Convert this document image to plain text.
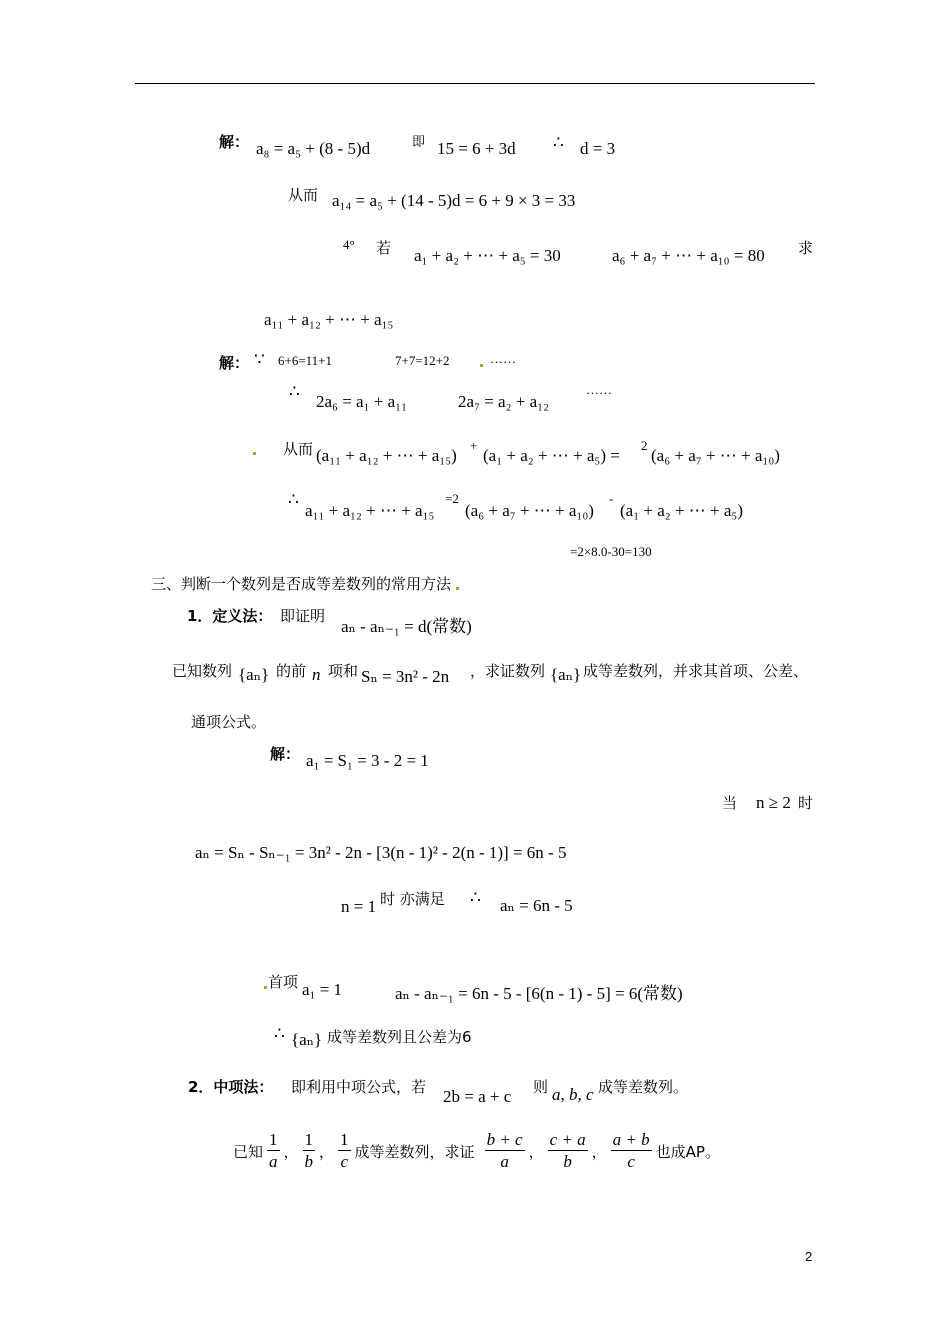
解： a₈ = a₅ + (8 - 5)d	即 15 = 6 + 3d ∴ d = 3
从而 a₁₄ = a₅ + (14 - 5)d = 6 + 9 × 3 = 33
4° 若 a₁ + a₂ + ⋯ + a₅ = 30	a₆ + a₇ + ⋯ + a₁₀ = 80 求
a₁₁ + a₁₂ + ⋯ + a₁₅
解： ∵ 6+6=11+1	7+7=12+2	……
∴
2a₆ = a₁ + a₁₁	2a₇ = a₂ + a₁₂
……
从而 (a₁₁ + a₁₂ + ⋯ + a₁₅)
+
(a₁ + a₂ + ⋯ + a₅) =
2
(a₆ + a₇ + ⋯ + a₁₀)
∴
a₁₁ + a₁₂ + ⋯ + a₁₅
=2
(a₆ + a₇ + ⋯ + a₁₀)
-
(a₁ + a₂ + ⋯ + a₅)
=2×8.0-30=130
三、判断一个数列是否成等差数列的常用方法
1．定义法： 即证明
aₙ - aₙ₋₁ = d(常数)
已知数列 {aₙ} 的前 n 项和 Sₙ = 3n² - 2n ，求证数列 {aₙ} 成等差数列，并求其首项、公差、
通项公式。
解： a₁ = S₁ = 3 - 2 = 1
当 n ≥ 2 时
aₙ = Sₙ - Sₙ₋₁ = 3n² - 2n - [3(n - 1)² - 2(n - 1)] = 6n - 5
n = 1 时 亦满足 ∴ aₙ = 6n - 5
首项 a₁ = 1	aₙ - aₙ₋₁ = 6n - 5 - [6(n - 1) - 5] = 6(常数)
∴ {aₙ} 成等差数列且公差为6
2．中项法： 即利用中项公式，若 2b = a + c 则 a, b, c 成等差数列。
已知 $\frac{1}{a}$ ， $\frac{1}{b}$ ， $\frac{1}{c}$ 成等差数列，求证 $\frac{b + c}{a}$ ， $\frac{c + a}{b}$ ， $\frac{a + b}{c}$ 也成AP。
2
